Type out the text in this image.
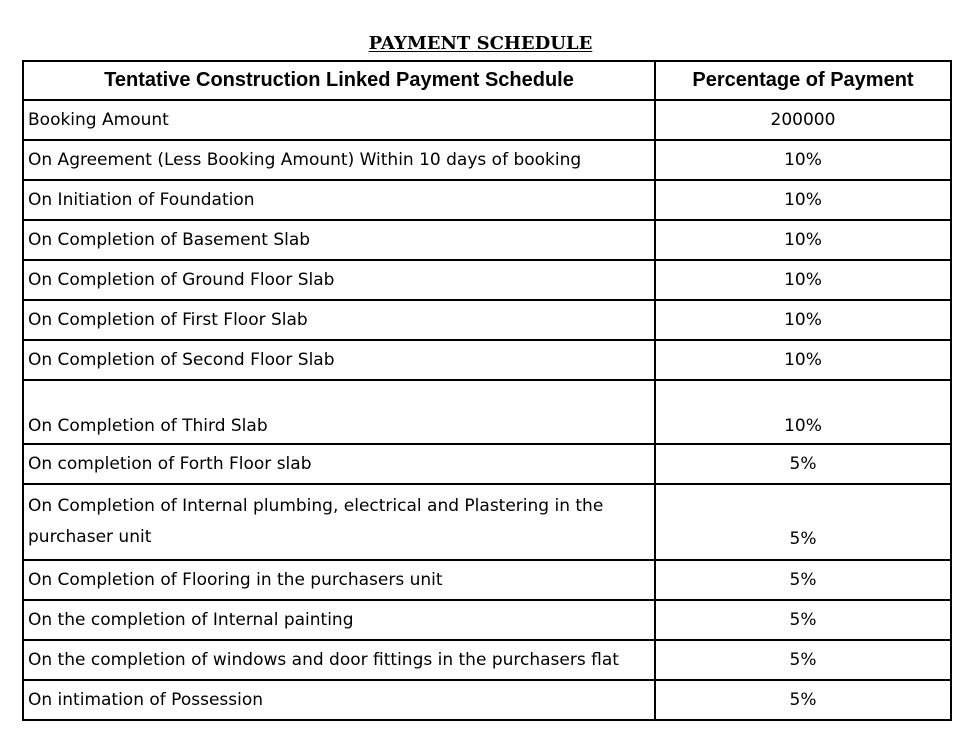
PAYMENT SCHEDULE
Tentative Construction Linked Payment Schedule	Percentage of Payment
Booking Amount	200000
On Agreement (Less Booking Amount) Within 10 days of booking	10%
On Initiation of Foundation	10%
On Completion of Basement Slab	10%
On Completion of Ground Floor Slab	10%
On Completion of First Floor Slab	10%
On Completion of Second Floor Slab	10%
On Completion of Third Slab	10%
On completion of Forth Floor slab	5%
On Completion of Internal plumbing, electrical and Plastering in the purchaser unit	5%
On Completion of Flooring in the purchasers unit	5%
On the completion of Internal painting	5%
On the completion of windows and door fittings in the purchasers flat	5%
On intimation of Possession	5%
